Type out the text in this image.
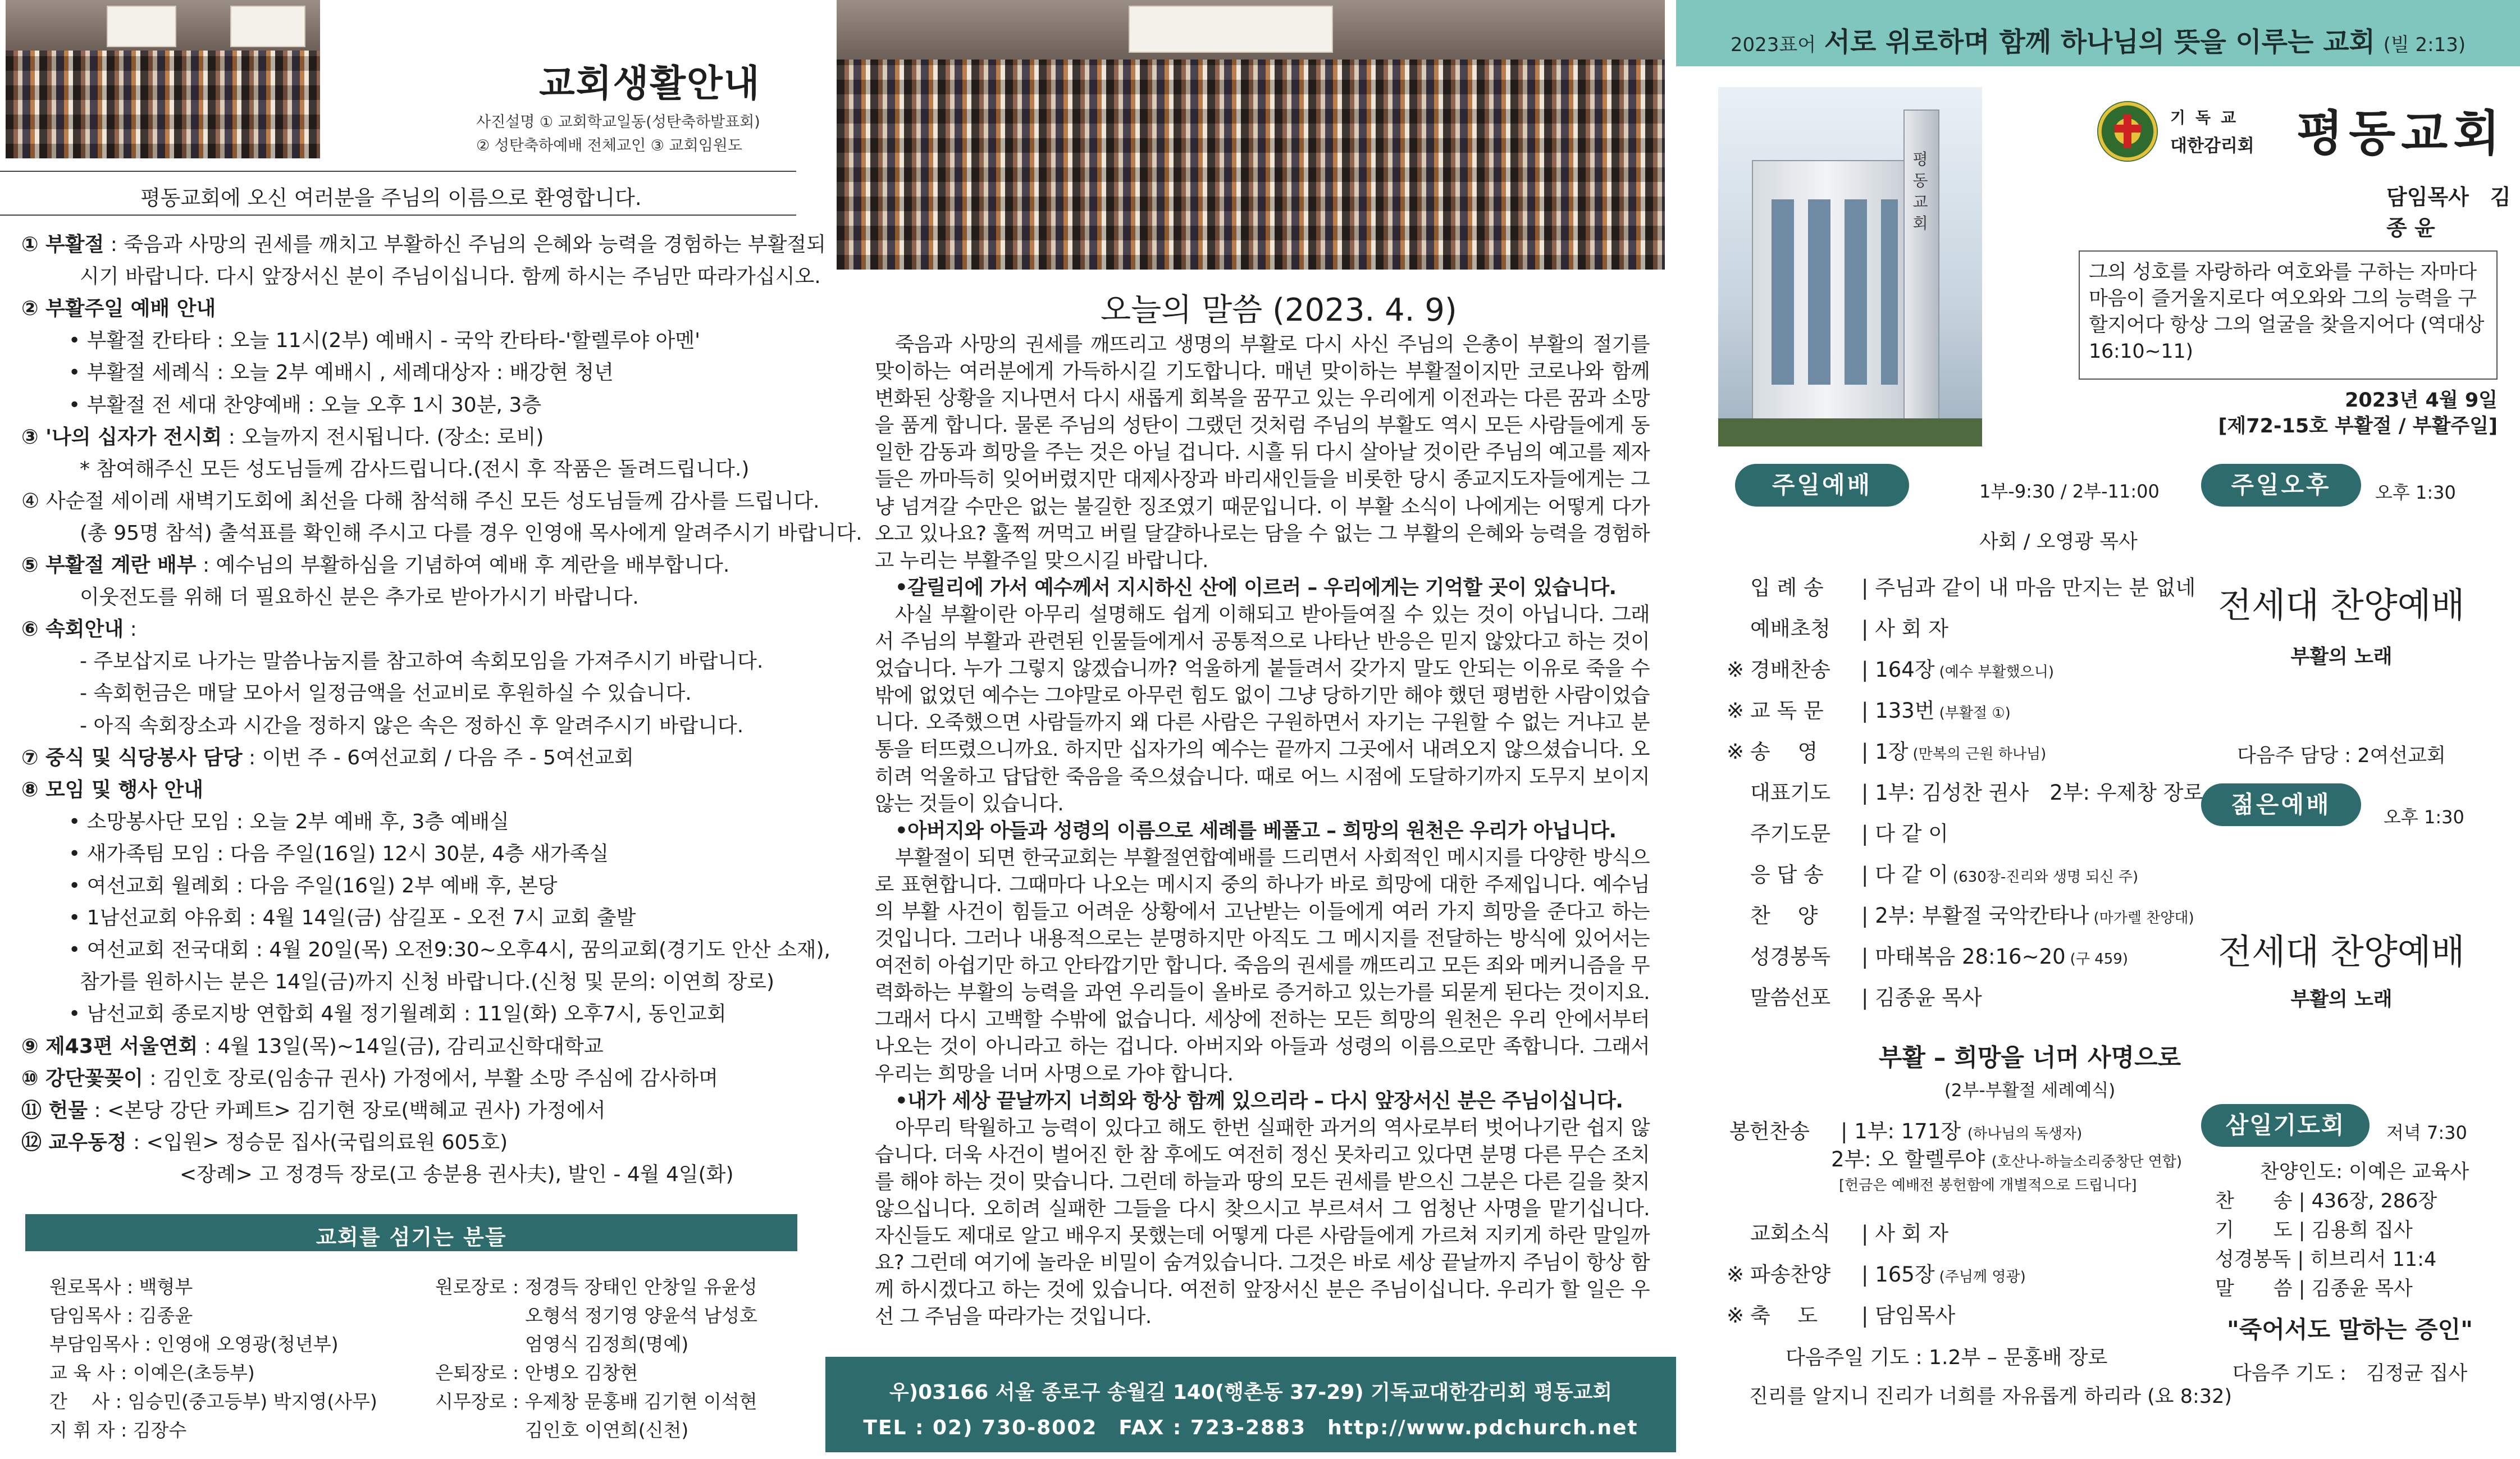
교회생활안내
사진설명 ① 교회학교일동(성탄축하발표회)
② 성탄축하예배 전체교인 ③ 교회임원도
평동교회에 오신 여러분을 주님의 이름으로 환영합니다.
① 부활절 : 죽음과 사망의 권세를 깨치고 부활하신 주님의 은혜와 능력을 경험하는 부활절되
시기 바랍니다. 다시 앞장서신 분이 주님이십니다. 함께 하시는 주님만 따라가십시오.
② 부활주일 예배 안내
• 부활절 칸타타 : 오늘 11시(2부) 예배시 - 국악 칸타타-'할렐루야 아멘'
• 부활절 세례식 : 오늘 2부 예배시 , 세례대상자 : 배강현 청년
• 부활절 전 세대 찬양예배 : 오늘 오후 1시 30분, 3층
③ '나의 십자가 전시회 : 오늘까지 전시됩니다. (장소: 로비)
* 참여해주신 모든 성도님들께 감사드립니다.(전시 후 작품은 돌려드립니다.)
④ 사순절 세이레 새벽기도회에 최선을 다해 참석해 주신 모든 성도님들께 감사를 드립니다.
(총 95명 참석) 출석표를 확인해 주시고 다를 경우 인영애 목사에게 알려주시기 바랍니다.
⑤ 부활절 계란 배부 : 예수님의 부활하심을 기념하여 예배 후 계란을 배부합니다.
이웃전도를 위해 더 필요하신 분은 추가로 받아가시기 바랍니다.
⑥ 속회안내 :
- 주보삽지로 나가는 말씀나눔지를 참고하여 속회모임을 가져주시기 바랍니다.
- 속회헌금은 매달 모아서 일정금액을 선교비로 후원하실 수 있습니다.
- 아직 속회장소과 시간을 정하지 않은 속은 정하신 후 알려주시기 바랍니다.
⑦ 중식 및 식당봉사 담당 : 이번 주 - 6여선교회 / 다음 주 - 5여선교회
⑧ 모임 및 행사 안내
• 소망봉사단 모임 : 오늘 2부 예배 후, 3층 예배실
• 새가족팀 모임 : 다음 주일(16일) 12시 30분, 4층 새가족실
• 여선교회 월례회 : 다음 주일(16일) 2부 예배 후, 본당
• 1남선교회 야유회 : 4월 14일(금) 삼길포 - 오전 7시 교회 출발
• 여선교회 전국대회 : 4월 20일(목) 오전9:30~오후4시, 꿈의교회(경기도 안산 소재),
참가를 원하시는 분은 14일(금)까지 신청 바랍니다.(신청 및 문의: 이연희 장로)
• 남선교회 종로지방 연합회 4월 정기월례회 : 11일(화) 오후7시, 동인교회
⑨ 제43편 서울연회 : 4월 13일(목)~14일(금), 감리교신학대학교
⑩ 강단꽃꽂이 : 김인호 장로(임송규 권사) 가정에서, 부활 소망 주심에 감사하며
⑪ 헌물 : <본당 강단 카페트> 김기현 장로(백혜교 권사) 가정에서
⑫ 교우동정 : <입원> 정승문 집사(국립의료원 605호)
<장례> 고 정경득 장로(고 송분용 권사夫), 발인 - 4월 4일(화)
교회를 섬기는 분들
원로목사 : 백형부
담임목사 : 김종윤
부담임목사 : 인영애 오영광(청년부)
교 육 사 : 이예은(초등부)
간　 사 : 임승민(중고등부) 박지영(사무)
지 휘 자 : 김장수
원로장로 : 정경득 장태인 안창일 유윤성
오형석 정기영 양윤석 남성호
엄영식 김정희(명예)
은퇴장로 : 안병오 김창현
시무장로 : 우제창 문홍배 김기현 이석현
김인호 이연희(신천)
오늘의 말씀 (2023. 4. 9)
죽음과 사망의 권세를 깨뜨리고 생명의 부활로 다시 사신 주님의 은총이 부활의 절기를 맞이하는 여러분에게 가득하시길 기도합니다. 매년 맞이하는 부활절이지만 코로나와 함께 변화된 상황을 지나면서 다시 새롭게 회복을 꿈꾸고 있는 우리에게 이전과는 다른 꿈과 소망을 품게 합니다. 물론 주님의 성탄이 그랬던 것처럼 주님의 부활도 역시 모든 사람들에게 동일한 감동과 희망을 주는 것은 아닐 겁니다. 시흘 뒤 다시 살아날 것이란 주님의 예고를 제자들은 까마득히 잊어버렸지만 대제사장과 바리새인들을 비롯한 당시 종교지도자들에게는 그냥 넘겨갈 수만은 없는 불길한 징조였기 때문입니다. 이 부활 소식이 나에게는 어떻게 다가오고 있나요? 훌쩍 꺼먹고 버릴 달걀하나로는 담을 수 없는 그 부활의 은혜와 능력을 경험하고 누리는 부활주일 맞으시길 바랍니다.
•갈릴리에 가서 예수께서 지시하신 산에 이르러 – 우리에게는 기억할 곳이 있습니다.
사실 부활이란 아무리 설명해도 쉽게 이해되고 받아들여질 수 있는 것이 아닙니다. 그래서 주님의 부활과 관련된 인물들에게서 공통적으로 나타난 반응은 믿지 않았다고 하는 것이었습니다. 누가 그렇지 않겠습니까? 억울하게 붙들려서 갖가지 말도 안되는 이유로 죽을 수밖에 없었던 예수는 그야말로 아무런 힘도 없이 그냥 당하기만 해야 했던 평범한 사람이었습니다. 오죽했으면 사람들까지 왜 다른 사람은 구원하면서 자기는 구원할 수 없는 거냐고 분통을 터뜨렸으니까요. 하지만 십자가의 예수는 끝까지 그곳에서 내려오지 않으셨습니다. 오히려 억울하고 답답한 죽음을 죽으셨습니다. 때로 어느 시점에 도달하기까지 도무지 보이지 않는 것들이 있습니다.
•아버지와 아들과 성령의 이름으로 세례를 베풀고 – 희망의 원천은 우리가 아닙니다.
부활절이 되면 한국교회는 부활절연합예배를 드리면서 사회적인 메시지를 다양한 방식으로 표현합니다. 그때마다 나오는 메시지 중의 하나가 바로 희망에 대한 주제입니다. 예수님의 부활 사건이 힘들고 어려운 상황에서 고난받는 이들에게 여러 가지 희망을 준다고 하는 것입니다. 그러나 내용적으로는 분명하지만 아직도 그 메시지를 전달하는 방식에 있어서는 여전히 아쉽기만 하고 안타깝기만 합니다. 죽음의 권세를 깨뜨리고 모든 죄와 메커니즘을 무력화하는 부활의 능력을 과연 우리들이 올바로 증거하고 있는가를 되묻게 된다는 것이지요. 그래서 다시 고백할 수밖에 없습니다. 세상에 전하는 모든 희망의 원천은 우리 안에서부터 나오는 것이 아니라고 하는 겁니다. 아버지와 아들과 성령의 이름으로만 족합니다. 그래서 우리는 희망을 너머 사명으로 가야 합니다.
•내가 세상 끝날까지 너희와 항상 함께 있으리라 – 다시 앞장서신 분은 주님이십니다.
아무리 탁월하고 능력이 있다고 해도 한번 실패한 과거의 역사로부터 벗어나기란 쉽지 않습니다. 더욱 사건이 벌어진 한 참 후에도 여전히 정신 못차리고 있다면 분명 다른 무슨 조치를 해야 하는 것이 맞습니다. 그런데 하늘과 땅의 모든 권세를 받으신 그분은 다른 길을 찾지 않으십니다. 오히려 실패한 그들을 다시 찾으시고 부르셔서 그 엄청난 사명을 맡기십니다. 자신들도 제대로 알고 배우지 못했는데 어떻게 다른 사람들에게 가르쳐 지키게 하란 말일까요? 그런데 여기에 놀라운 비밀이 숨겨있습니다. 그것은 바로 세상 끝날까지 주님이 항상 함께 하시겠다고 하는 것에 있습니다. 여전히 앞장서신 분은 주님이십니다. 우리가 할 일은 우선 그 주님을 따라가는 것입니다.
우)03166 서울 종로구 송월길 140(행촌동 37-29) 기독교대한감리회 평동교회
TEL : 02) 730-8002　FAX : 723-2883　http://www.pdchurch.net
2023표어 서로 위로하며 함께 하나님의 뜻을 이루는 교회 (빌 2:13)
평동교회
기독교
대한감리회 평동교회
담임목사　김 종 윤
그의 성호를 자랑하라 여호와를 구하는 자마다 마음이 즐거울지로다 여오와와 그의 능력을 구할지어다 항상 그의 얼굴을 찾을지어다 (역대상 16:10~11)
2023년 4월 9일
[제72-15호 부활절 / 부활주일]
주일예배	1부-9:30 / 2부-11:00
사회 / 오영광 목사
입 례 송 | 주님과 같이 내 마음 만지는 분 없네
예배초청 | 사 회 자
※ 경배찬송 | 164장 (예수 부활했으니)
※ 교 독 문 | 133번 (부활절 ①)
※ 송　 영 | 1장 (만복의 근원 하나님)
대표기도 | 1부: 김성찬 권사　2부: 우제창 장로
주기도문 | 다 같 이
응 답 송 | 다 같 이 (630장-진리와 생명 되신 주)
찬　 양 | 2부: 부활절 국악칸타나 (마가렐 찬양대)
성경봉독 | 마태복음 28:16~20 (구 459)
말씀선포 | 김종윤 목사
부활 – 희망을 너머 사명으로
(2부-부활절 세례예식)
봉헌찬송 | 1부: 171장 (하나님의 독생자)
2부: 오 할렐루야 (호산나-하늘소리중창단 연합)
[헌금은 예배전 봉헌함에 개별적으로 드립니다]
교회소식 | 사 회 자
※ 파송찬양 | 165장 (주님께 영광)
※ 축　 도 | 담임목사
다음주일 기도 : 1.2부 – 문홍배 장로
진리를 알지니 진리가 너희를 자유롭게 하리라 (요 8:32)
주일오후	오후 1:30
전세대 찬양예배
부활의 노래
다음주 담당 : 2여선교회
젊은예배	오후 1:30
전세대 찬양예배
부활의 노래
삼일기도회	저녁 7:30
찬양인도: 이예은 교육사
찬　　송 | 436장, 286장
기　　도 | 김용희 집사
성경봉독 | 히브리서 11:4
말　　씀 | 김종윤 목사
"죽어서도 말하는 증인"
다음주 기도 :　김정균 집사
